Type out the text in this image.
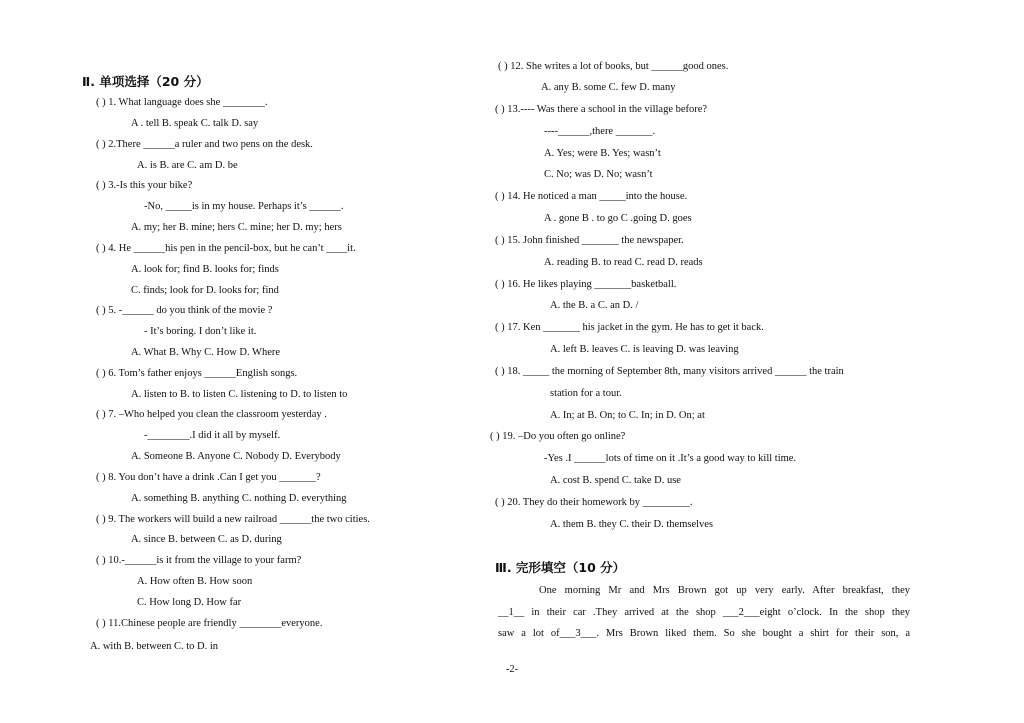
Ⅱ. 单项选择（20 分）
( ) 1. What language does she ________.
A . tell B. speak C. talk D. say
( ) 2.There ______a ruler and two pens on the desk.
A. is B. are C. am D. be
( ) 3.-Is this your bike?
-No, _____is in my house. Perhaps it’s ______.
A. my; her B. mine; hers C. mine; her D. my; hers
( ) 4. He ______his pen in the pencil-box, but he can’t ____it.
A. look for; find B. looks for; finds
C. finds; look for D. looks for; find
( ) 5. -______ do you think of the movie ?
- It’s boring. I don’t like it.
A. What B. Why C. How D. Where
( ) 6. Tom’s father enjoys ______English songs.
A. listen to B. to listen C. listening to D. to listen to
( ) 7. –Who helped you clean the classroom yesterday .
-________.I did it all by myself.
A. Someone B. Anyone C. Nobody D. Everybody
( ) 8. You don’t have a drink .Can I get you _______?
A. something B. anything C. nothing D. everything
( ) 9. The workers will build a new railroad ______the two cities.
A. since B. between C. as D. during
( ) 10.-______is it from the village to your farm?
A. How often B. How soon
C. How long D. How far
( ) 11.Chinese people are friendly ________everyone.
A. with B. between C. to D. in
( ) 12. She writes a lot of books, but ______good ones.
A. any B. some C. few D. many
( ) 13.---- Was there a school in the village before?
----______,there _______.
A. Yes; were B. Yes; wasn’t
C. No; was D. No; wasn’t
( ) 14. He noticed a man _____into the house.
A . gone B . to go C .going D. goes
( ) 15. John finished _______ the newspaper.
A. reading B. to read C. read D. reads
( ) 16. He likes playing _______basketball.
A. the B. a C. an D. /
( ) 17. Ken _______ his jacket in the gym. He has to get it back.
A. left B. leaves C. is leaving D. was leaving
( ) 18. _____ the morning of September 8th, many visitors arrived ______ the train
station for a tour.
A. In; at B. On; to C. In; in D. On; at
( ) 19. –Do you often go online?
-Yes .I ______lots of time on it .It’s a good way to kill time.
A. cost B. spend C. take D. use
( ) 20. They do their homework by _________.
A. them B. they C. their D. themselves
Ⅲ. 完形填空（10 分）
One morning Mr and Mrs Brown got up very early. After breakfast, they
__1__ in their car .They arrived at the shop ___2___eight o’clock. In the shop they
saw a lot of___3___. Mrs Brown liked them. So she bought a shirt for their son, a
-2-
